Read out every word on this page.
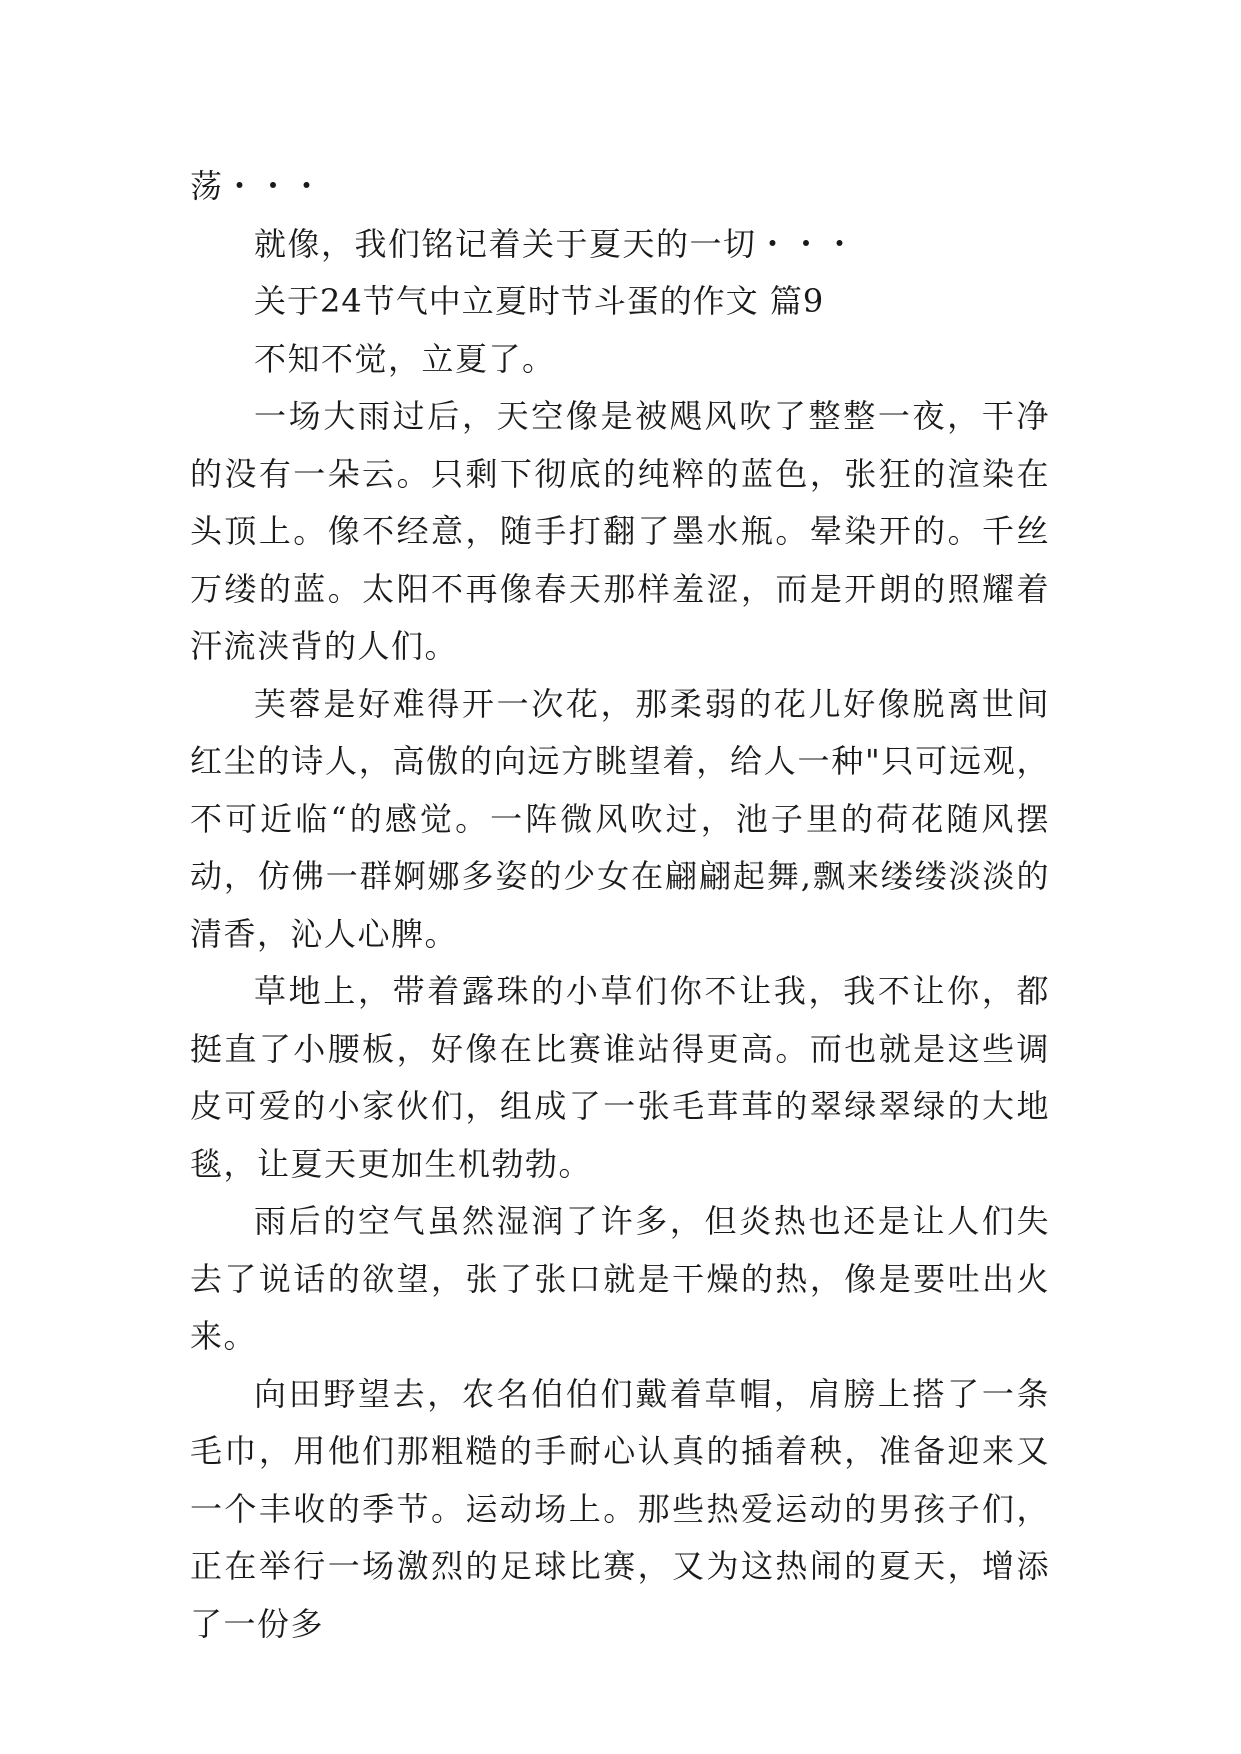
荡・・・

就像，我们铭记着关于夏天的一切・・・

关于24节气中立夏时节斗蛋的作文 篇9

不知不觉，立夏了。

一场大雨过后，天空像是被飓风吹了整整一夜，干净的没有一朵云。只剩下彻底的纯粹的蓝色，张狂的渲染在头顶上。像不经意，随手打翻了墨水瓶。晕染开的。千丝万缕的蓝。太阳不再像春天那样羞涩，而是开朗的照耀着汗流浃背的人们。

芙蓉是好难得开一次花，那柔弱的花儿好像脱离世间红尘的诗人，高傲的向远方眺望着，给人一种"只可远观，不可近临“的感觉。一阵微风吹过，池子里的荷花随风摆动，仿佛一群婀娜多姿的少女在翩翩起舞,飘来缕缕淡淡的清香，沁人心脾。

草地上，带着露珠的小草们你不让我，我不让你，都挺直了小腰板，好像在比赛谁站得更高。而也就是这些调皮可爱的小家伙们，组成了一张毛茸茸的翠绿翠绿的大地毯，让夏天更加生机勃勃。

雨后的空气虽然湿润了许多，但炎热也还是让人们失去了说话的欲望，张了张口就是干燥的热，像是要吐出火来。

向田野望去，农名伯伯们戴着草帽，肩膀上搭了一条毛巾，用他们那粗糙的手耐心认真的插着秧，准备迎来又一个丰收的季节。运动场上。那些热爱运动的男孩子们，正在举行一场激烈的足球比赛，又为这热闹的夏天，增添了一份多
